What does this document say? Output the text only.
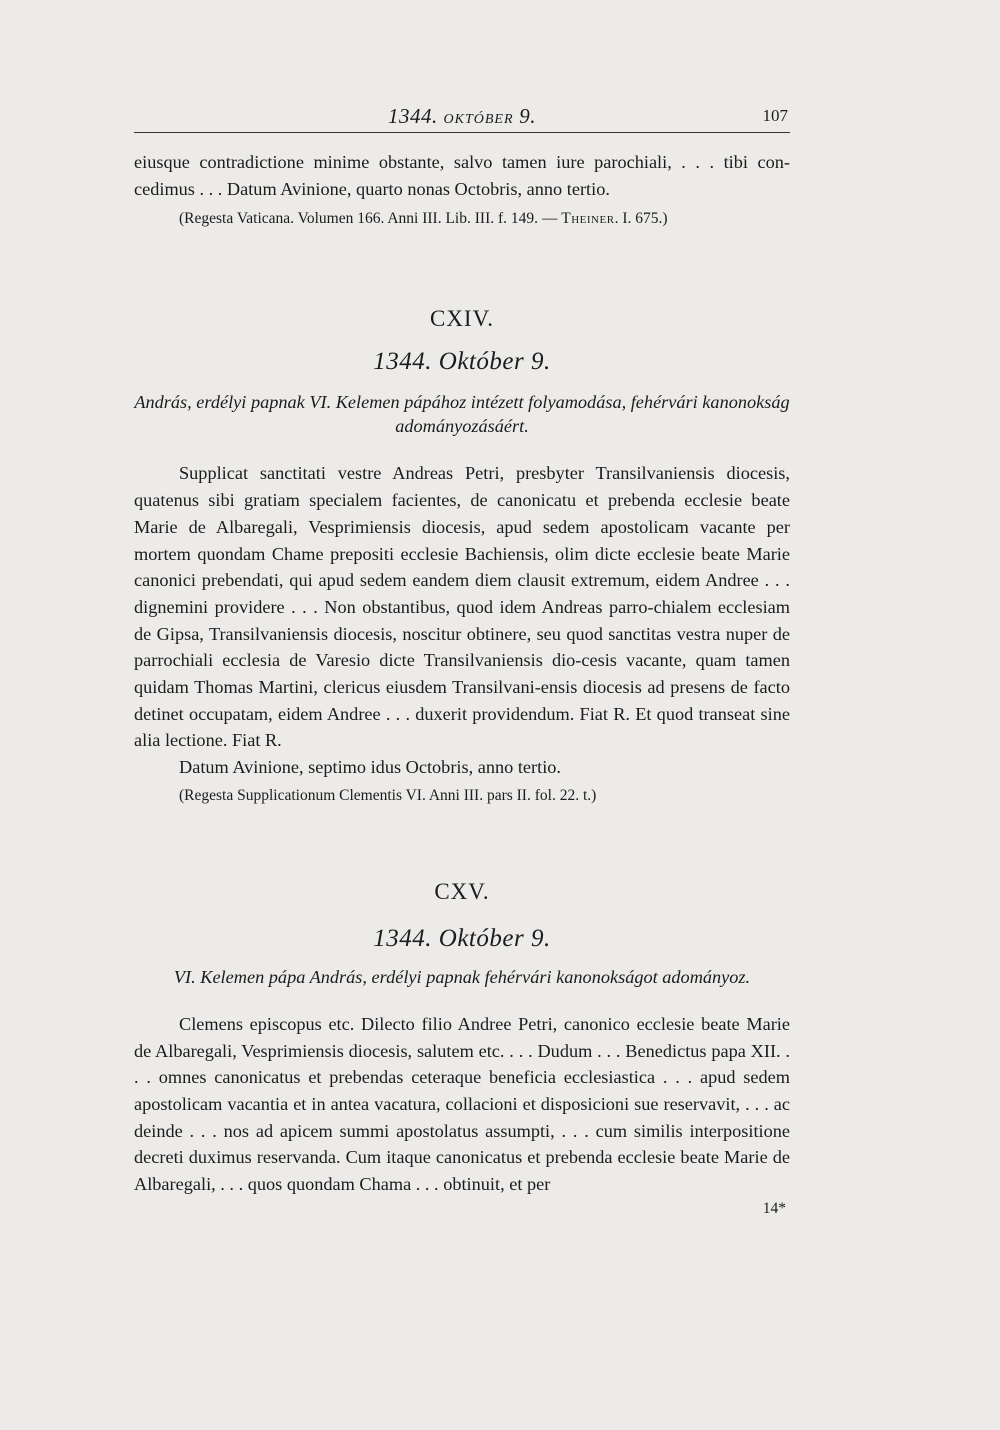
1344. OKTÓBER 9.	107
eiusque contradictione minime obstante, salvo tamen iure parochiali, . . . tibi con-
cedimus . . . Datum Avinione, quarto nonas Octobris, anno tertio.

(Regesta Vaticana. Volumen 166. Anni III. Lib. III. f. 149. — Theiner. I. 675.)

CXIV.
1344. Október 9.
András, erdélyi papnak VI. Kelemen pápához intézett folyamodása, fehérvári kanonokság
adományozásáért.

Supplicat sanctitati vestre Andreas Petri, presbyter Transilvaniensis diocesis, quatenus sibi gratiam specialem facientes, de canonicatu et prebenda ecclesie beate Marie de Albaregali, Vesprimiensis diocesis, apud sedem apostolicam vacante per mortem quondam Chame prepositi ecclesie Bachiensis, olim dicte ecclesie beate Marie canonici prebendati, qui apud sedem eandem diem clausit extremum, eidem Andree . . . dignemini providere . . . Non obstantibus, quod idem Andreas parro-chialem ecclesiam de Gipsa, Transilvaniensis diocesis, noscitur obtinere, seu quod sanctitas vestra nuper de parrochiali ecclesia de Varesio dicte Transilvaniensis dio-cesis vacante, quam tamen quidam Thomas Martini, clericus eiusdem Transilvani-ensis diocesis ad presens de facto detinet occupatam, eidem Andree . . . duxerit providendum. Fiat R. Et quod transeat sine alia lectione. Fiat R.

Datum Avinione, septimo idus Octobris, anno tertio.

(Regesta Supplicationum Clementis VI. Anni III. pars II. fol. 22. t.)

CXV.
1344. Október 9.
VI. Kelemen pápa András, erdélyi papnak fehérvári kanonokságot adományoz.

Clemens episcopus etc. Dilecto filio Andree Petri, canonico ecclesie beate Marie de Albaregali, Vesprimiensis diocesis, salutem etc. . . . Dudum . . . Benedictus papa XII. . . . omnes canonicatus et prebendas ceteraque beneficia ecclesiastica . . . apud sedem apostolicam vacantia et in antea vacatura, collacioni et disposicioni sue reservavit, . . . ac deinde . . . nos ad apicem summi apostolatus assumpti, . . . cum similis interpositione decreti duximus reservanda. Cum itaque canonicatus et prebenda ecclesie beate Marie de Albaregali, . . . quos quondam Chama . . . obtinuit, et per

14*
